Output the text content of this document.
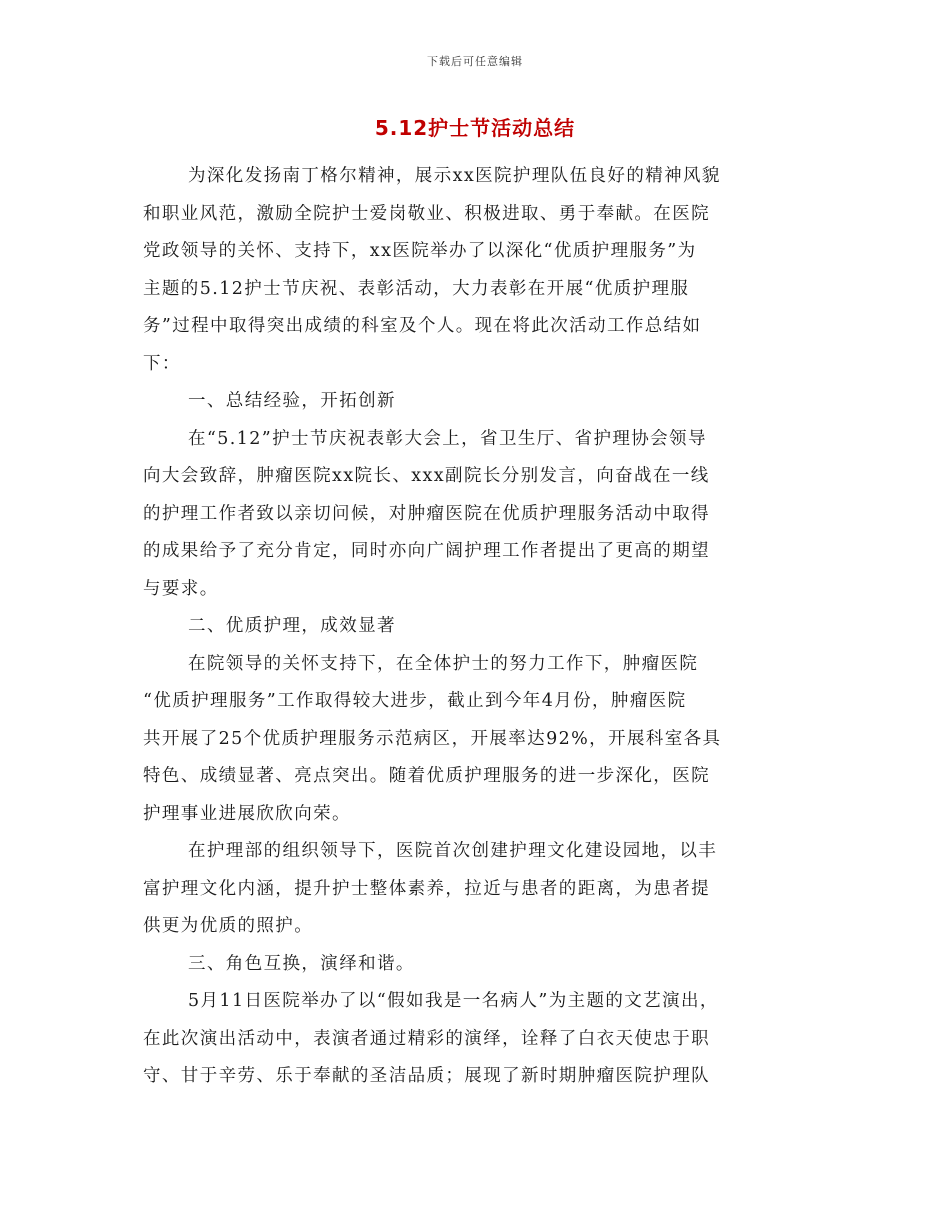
下载后可任意编辑
5.12护士节活动总结

为深化发扬南丁格尔精神，展示xx医院护理队伍良好的精神风貌

和职业风范，激励全院护士爱岗敬业、积极进取、勇于奉献。在医院

党政领导的关怀、支持下，xx医院举办了以深化“优质护理服务”为

主题的5.12护士节庆祝、表彰活动，大力表彰在开展“优质护理服

务”过程中取得突出成绩的科室及个人。现在将此次活动工作总结如

下：

一、总结经验，开拓创新

在“5.12”护士节庆祝表彰大会上，省卫生厅、省护理协会领导

向大会致辞，肿瘤医院xx院长、xxx副院长分别发言，向奋战在一线

的护理工作者致以亲切问候，对肿瘤医院在优质护理服务活动中取得

的成果给予了充分肯定，同时亦向广阔护理工作者提出了更高的期望

与要求。

二、优质护理，成效显著

在院领导的关怀支持下，在全体护士的努力工作下，肿瘤医院

“优质护理服务”工作取得较大进步，截止到今年4月份，肿瘤医院

共开展了25个优质护理服务示范病区，开展率达92%，开展科室各具

特色、成绩显著、亮点突出。随着优质护理服务的进一步深化，医院

护理事业进展欣欣向荣。

在护理部的组织领导下，医院首次创建护理文化建设园地，以丰

富护理文化内涵，提升护士整体素养，拉近与患者的距离，为患者提

供更为优质的照护。

三、角色互换，演绎和谐。

5月11日医院举办了以“假如我是一名病人”为主题的文艺演出，

在此次演出活动中，表演者通过精彩的演绎，诠释了白衣天使忠于职

守、甘于辛劳、乐于奉献的圣洁品质；展现了新时期肿瘤医院护理队
